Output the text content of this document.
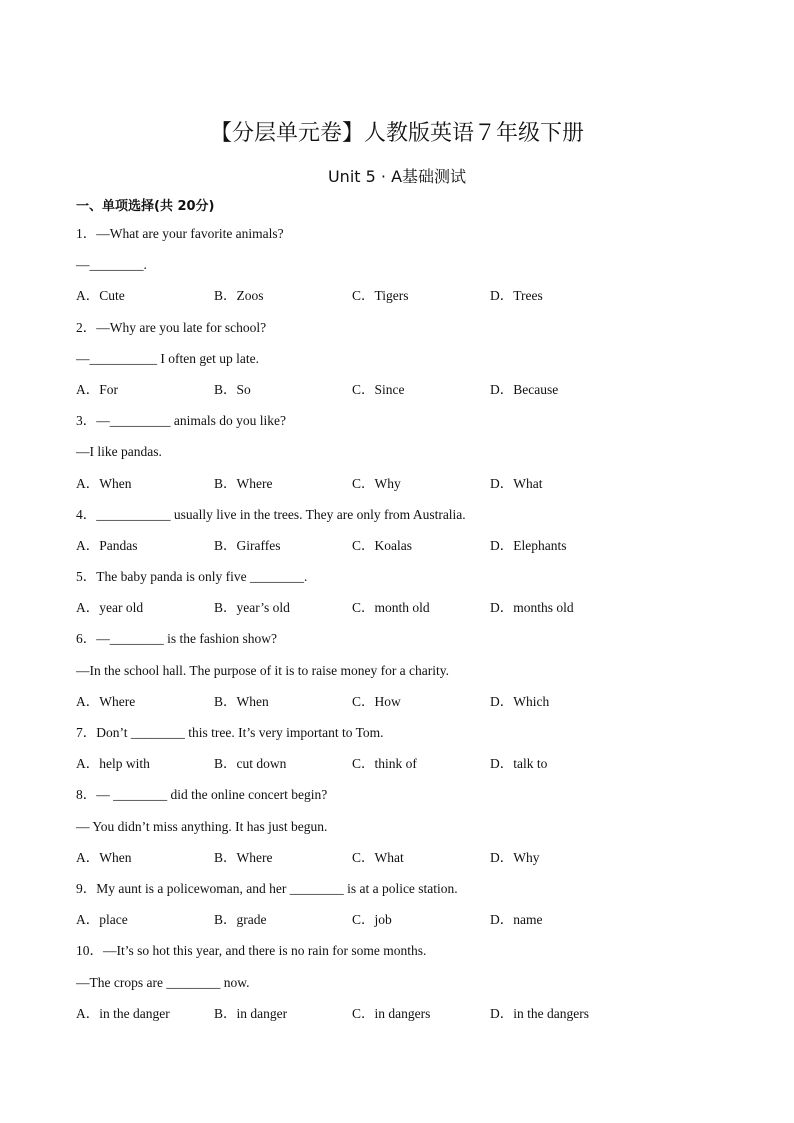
【分层单元卷】人教版英语７年级下册
Unit 5 · A基础测试
一、单项选择(共 20分)
1．—What are your favorite animals?
—________.
A．Cute	B．Zoos	C．Tigers	D．Trees
2．—Why are you late for school?
—__________ I often get up late.
A．For	B．So	C．Since	D．Because
3．—_________ animals do you like?
—I like pandas.
A．When	B．Where	C．Why	D．What
4．___________ usually live in the trees. They are only from Australia.
A．Pandas	B．Giraffes	C．Koalas	D．Elephants
5．The baby panda is only five ________.
A．year old	B．year’s old	C．month old	D．months old
6．—________ is the fashion show?
—In the school hall. The purpose of it is to raise money for a charity.
A．Where	B．When	C．How	D．Which
7．Don’t ________ this tree. It’s very important to Tom.
A．help with	B．cut down	C．think of	D．talk to
8．— ________ did the online concert begin?
— You didn’t miss anything. It has just begun.
A．When	B．Where	C．What	D．Why
9．My aunt is a policewoman, and her ________ is at a police station.
A．place	B．grade	C．job	D．name
10．—It’s so hot this year, and there is no rain for some months.
—The crops are ________ now.
A．in the danger	B．in danger	C．in dangers	D．in the dangers
